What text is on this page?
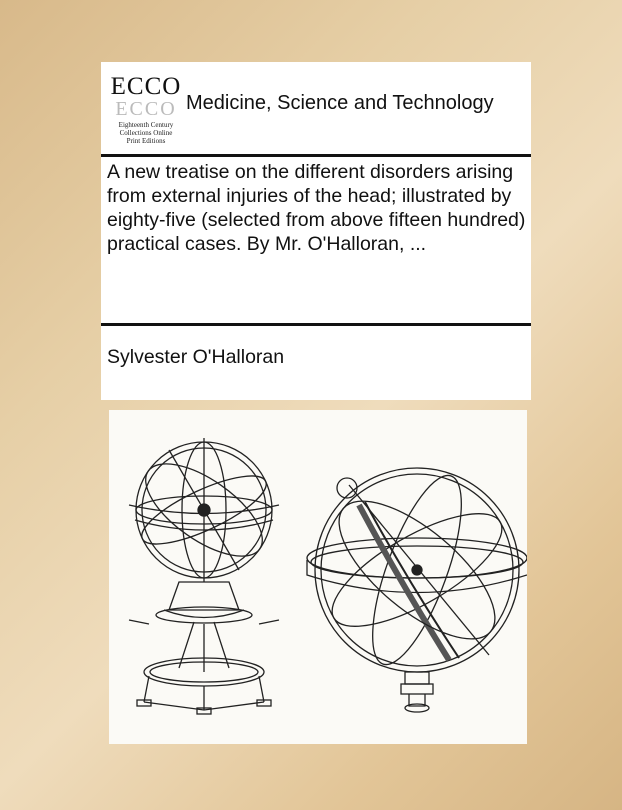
ECCO
ECCO
Eighteenth Century
Collections Online
Print Editions
Medicine, Science and Technology
A new treatise on the different disorders arising from external injuries of the head; illustrated by eighty-five (selected from above fifteen hundred) practical cases. By Mr. O'Halloran, ...
Sylvester O'Halloran
